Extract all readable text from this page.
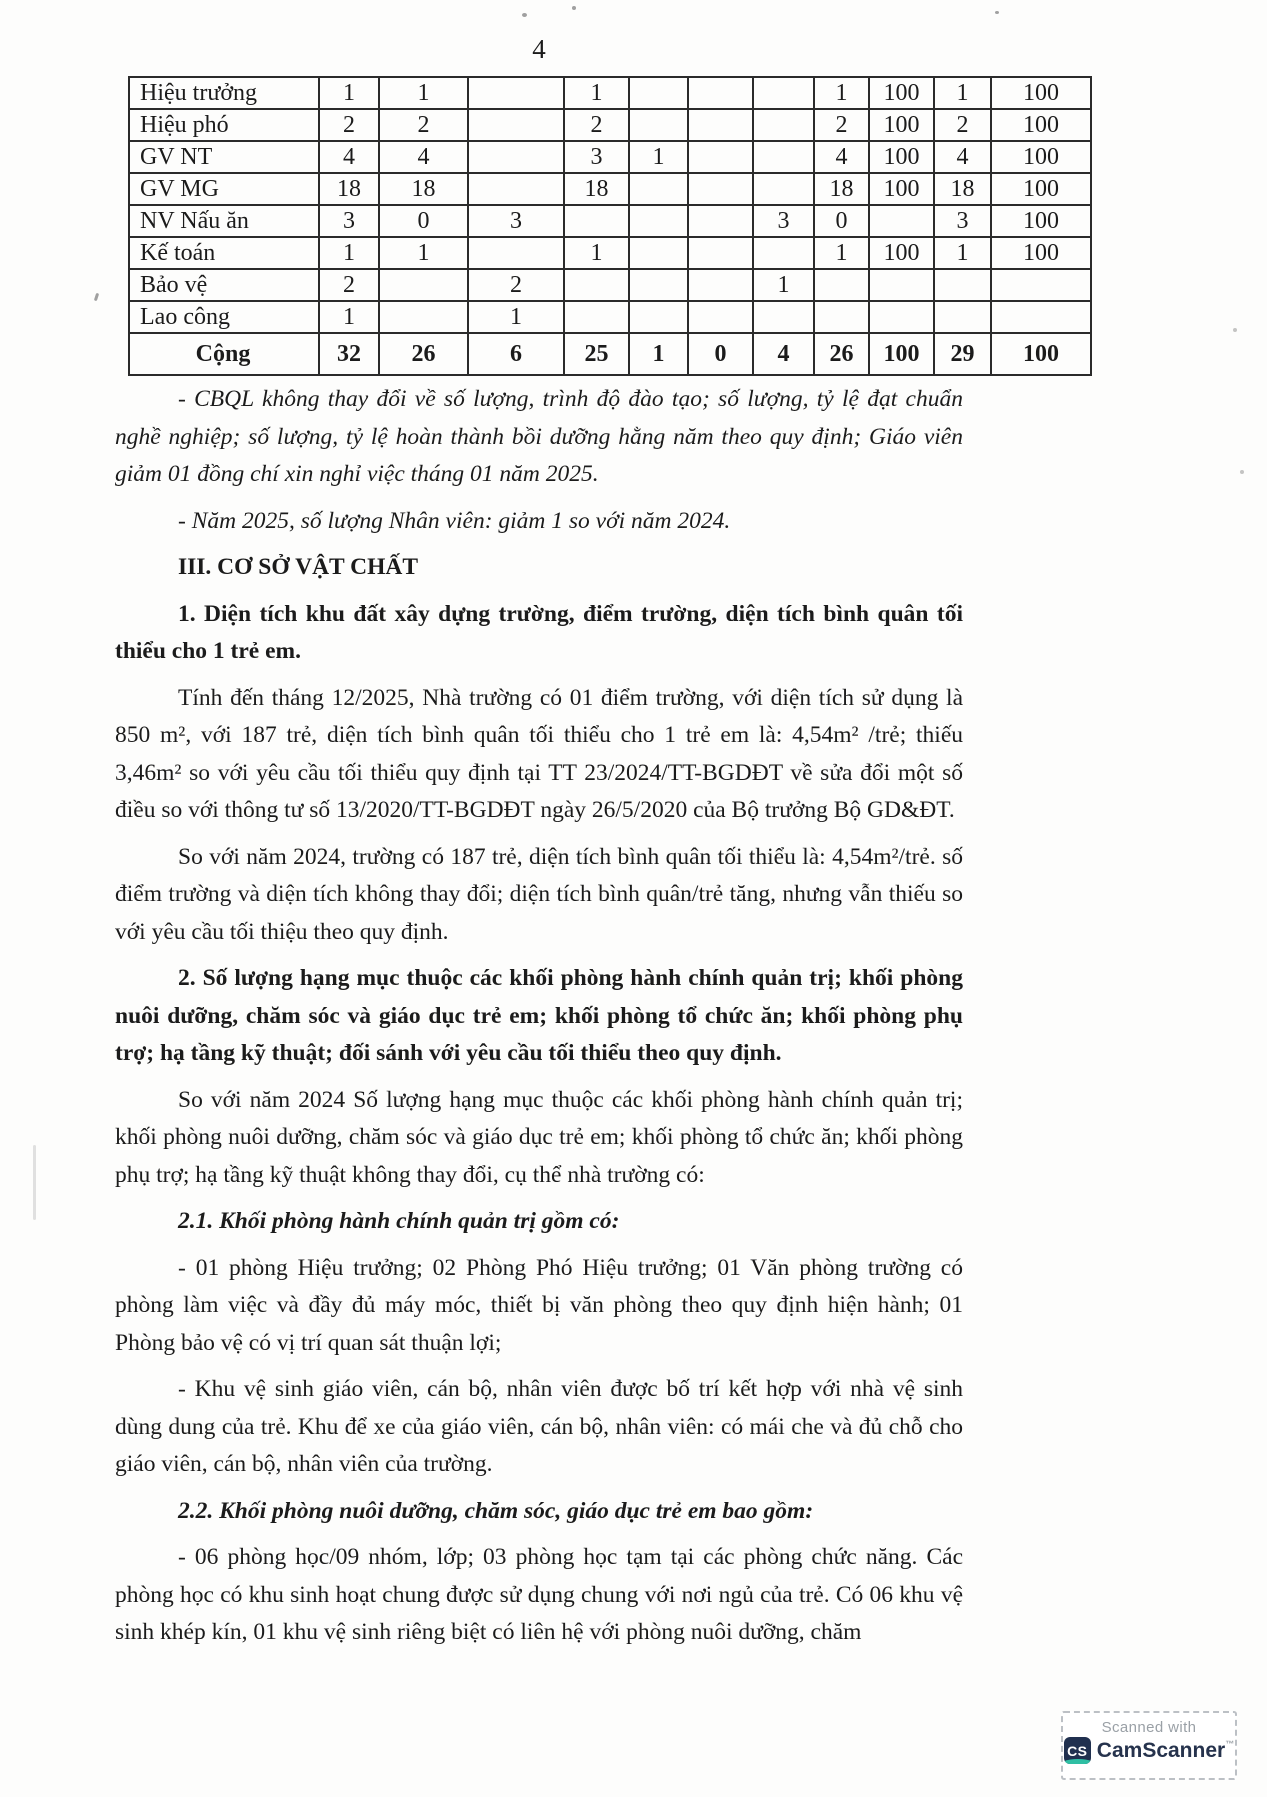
4
Hiệu trưởng	1	1		1				1	100	1	100
Hiệu phó	2	2		2				2	100	2	100
GV NT	4	4		3	1			4	100	4	100
GV MG	18	18		18				18	100	18	100
NV Nấu ăn	3	0	3				3	0		3	100
Kế toán	1	1		1				1	100	1	100
Bảo vệ	2		2				1				
Lao công	1		1								
Cộng	32	26	6	25	1	0	4	26	100	29	100

- CBQL không thay đổi về số lượng, trình độ đào tạo; số lượng, tỷ lệ đạt chuẩn nghề nghiệp; số lượng, tỷ lệ hoàn thành bồi dưỡng hằng năm theo quy định; Giáo viên giảm 01 đồng chí xin nghỉ việc tháng 01 năm 2025.

- Năm 2025, số lượng Nhân viên: giảm 1 so với năm 2024.

III. CƠ SỞ VẬT CHẤT

1. Diện tích khu đất xây dựng trường, điểm trường, diện tích bình quân tối thiểu cho 1 trẻ em.

Tính đến tháng 12/2025, Nhà trường có 01 điểm trường, với diện tích sử dụng là 850 m², với 187 trẻ, diện tích bình quân tối thiểu cho 1 trẻ em là: 4,54m² /trẻ; thiếu 3,46m² so với yêu cầu tối thiểu quy định tại TT 23/2024/TT-BGDĐT về sửa đổi một số điều so với thông tư số 13/2020/TT-BGDĐT ngày 26/5/2020 của Bộ trưởng Bộ GD&ĐT.

So với năm 2024, trường có 187 trẻ, diện tích bình quân tối thiểu là: 4,54m²/trẻ. số điểm trường và diện tích không thay đổi; diện tích bình quân/trẻ tăng, nhưng vẫn thiếu so với yêu cầu tối thiệu theo quy định.

2. Số lượng hạng mục thuộc các khối phòng hành chính quản trị; khối phòng nuôi dưỡng, chăm sóc và giáo dục trẻ em; khối phòng tổ chức ăn; khối phòng phụ trợ; hạ tầng kỹ thuật; đối sánh với yêu cầu tối thiểu theo quy định.

So với năm 2024 Số lượng hạng mục thuộc các khối phòng hành chính quản trị; khối phòng nuôi dưỡng, chăm sóc và giáo dục trẻ em; khối phòng tổ chức ăn; khối phòng phụ trợ; hạ tầng kỹ thuật không thay đổi, cụ thể nhà trường có:

2.1. Khối phòng hành chính quản trị gồm có:

- 01 phòng Hiệu trưởng; 02 Phòng Phó Hiệu trưởng; 01 Văn phòng trường có phòng làm việc và đầy đủ máy móc, thiết bị văn phòng theo quy định hiện hành; 01 Phòng bảo vệ có vị trí quan sát thuận lợi;

- Khu vệ sinh giáo viên, cán bộ, nhân viên được bố trí kết hợp với nhà vệ sinh dùng dung của trẻ. Khu để xe của giáo viên, cán bộ, nhân viên: có mái che và đủ chỗ cho giáo viên, cán bộ, nhân viên của trường.

2.2. Khối phòng nuôi dưỡng, chăm sóc, giáo dục trẻ em bao gồm:

- 06 phòng học/09 nhóm, lớp; 03 phòng học tạm tại các phòng chức năng. Các phòng học có khu sinh hoạt chung được sử dụng chung với nơi ngủ của trẻ. Có 06 khu vệ sinh khép kín, 01 khu vệ sinh riêng biệt có liên hệ với phòng nuôi dưỡng, chăm

Scanned with
CS CamScanner™
